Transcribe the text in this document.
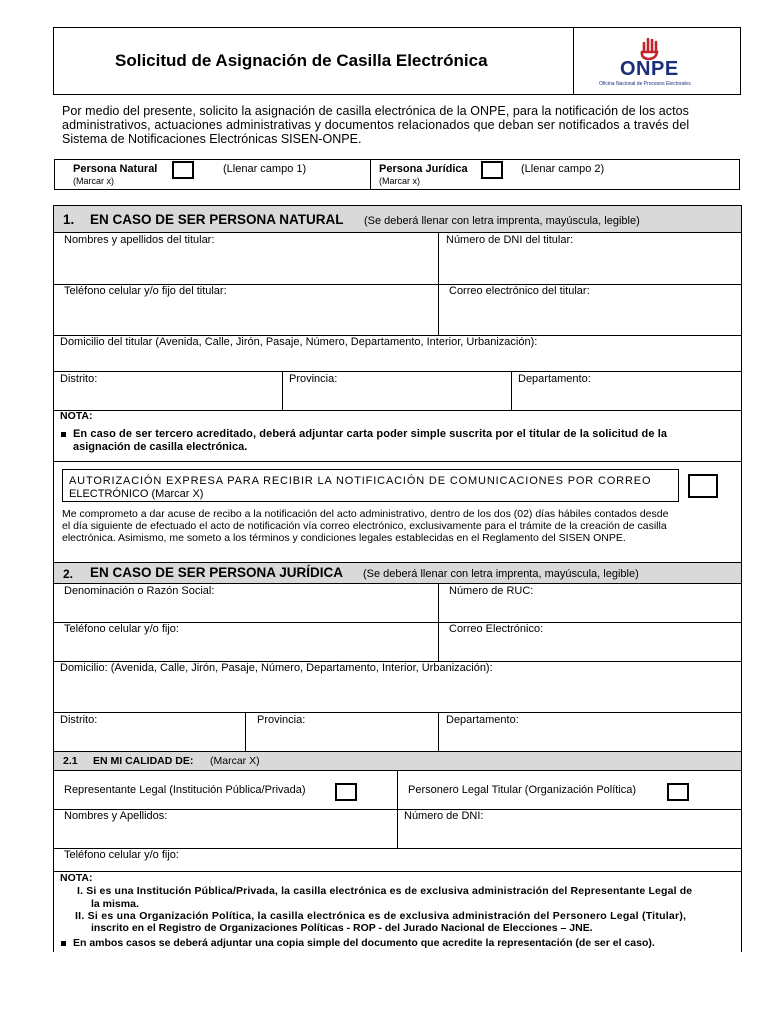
Solicitud de Asignación de Casilla Electrónica	ONPE
Oficina Nacional de Procesos Electorales
Por medio del presente, solicito la asignación de casilla electrónica de la ONPE, para la notificación de los actos
administrativos, actuaciones administrativas y documentos relacionados que deban ser notificados a través del
Sistema de Notificaciones Electrónicas SISEN-ONPE.
Persona Natural	(Llenar campo 1)
(Marcar x)
Persona Jurídica	(Llenar campo 2)
(Marcar x)
1. EN CASO DE SER PERSONA NATURAL (Se deberá llenar con letra imprenta, mayúscula, legible)
Nombres y apellidos del titular:	Número de DNI del titular:
Teléfono celular y/o fijo del titular:	Correo electrónico del titular:
Domicilio del titular (Avenida, Calle, Jirón, Pasaje, Número, Departamento, Interior, Urbanización):
Distrito:	Provincia:	Departamento:
NOTA:
En caso de ser tercero acreditado, deberá adjuntar carta poder simple suscrita por el titular de la solicitud de la
asignación de casilla electrónica.
AUTORIZACIÓN EXPRESA PARA RECIBIR LA NOTIFICACIÓN DE COMUNICACIONES POR CORREO
ELECTRÓNICO (Marcar X)
Me comprometo a dar acuse de recibo a la notificación del acto administrativo, dentro de los dos (02) días hábiles contados desde
el día siguiente de efectuado el acto de notificación vía correo electrónico, exclusivamente para el trámite de la creación de casilla
electrónica. Asimismo, me someto a los términos y condiciones legales establecidas en el Reglamento del SISEN ONPE.
2. EN CASO DE SER PERSONA JURÍDICA (Se deberá llenar con letra imprenta, mayúscula, legible)
Denominación o Razón Social:	Número de RUC:
Teléfono celular y/o fijo:	Correo Electrónico:
Domicilio: (Avenida, Calle, Jirón, Pasaje, Número, Departamento, Interior, Urbanización):
Distrito:	Provincia:	Departamento:
2.1 EN MI CALIDAD DE: (Marcar X)
Representante Legal (Institución Pública/Privada)	Personero Legal Titular (Organización Política)
Nombres y Apellidos:	Número de DNI:
Teléfono celular y/o fijo:
NOTA:
I. Si es una Institución Pública/Privada, la casilla electrónica es de exclusiva administración del Representante Legal de
la misma.
II. Si es una Organización Política, la casilla electrónica es de exclusiva administración del Personero Legal (Titular),
inscrito en el Registro de Organizaciones Políticas - ROP - del Jurado Nacional de Elecciones – JNE.
En ambos casos se deberá adjuntar una copia simple del documento que acredite la representación (de ser el caso).
